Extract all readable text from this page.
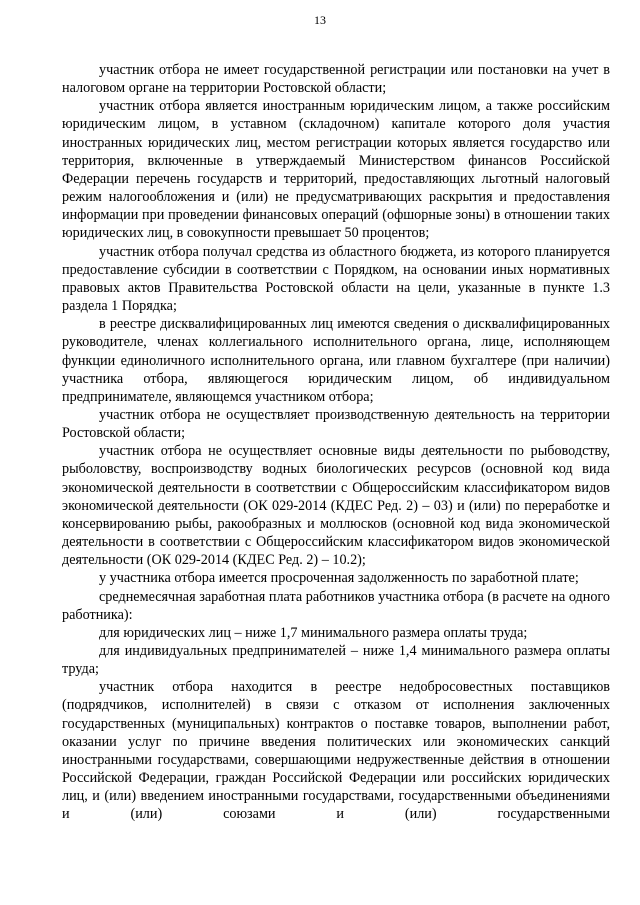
13

участник отбора не имеет государственной регистрации или постановки на учет в налоговом органе на территории Ростовской области;

участник отбора является иностранным юридическим лицом, а также российским юридическим лицом, в уставном (складочном) капитале которого доля участия иностранных юридических лиц, местом регистрации которых является государство или территория, включенные в утверждаемый Министерством финансов Российской Федерации перечень государств и территорий, предоставляющих льготный налоговый режим налогообложения и (или) не предусматривающих раскрытия и предоставления информации при проведении финансовых операций (офшорные зоны) в отношении таких юридических лиц, в совокупности превышает 50 процентов;

участник отбора получал средства из областного бюджета, из которого планируется предоставление субсидии в соответствии с Порядком, на основании иных нормативных правовых актов Правительства Ростовской области на цели, указанные в пункте 1.3 раздела 1 Порядка;

в реестре дисквалифицированных лиц имеются сведения о дисквалифицированных руководителе, членах коллегиального исполнительного органа, лице, исполняющем функции единоличного исполнительного органа, или главном бухгалтере (при наличии) участника отбора, являющегося юридическим лицом, об индивидуальном предпринимателе, являющемся участником отбора;

участник отбора не осуществляет производственную деятельность на территории Ростовской области;

участник отбора не осуществляет основные виды деятельности по рыбоводству, рыболовству, воспроизводству водных биологических ресурсов (основной код вида экономической деятельности в соответствии с Общероссийским классификатором видов экономической деятельности (ОК 029-2014 (КДЕС Ред. 2) – 03) и (или) по переработке и консервированию рыбы, ракообразных и моллюсков (основной код вида экономической деятельности в соответствии с Общероссийским классификатором видов экономической деятельности (ОК 029-2014 (КДЕС Ред. 2) – 10.2);

у участника отбора имеется просроченная задолженность по заработной плате;

среднемесячная заработная плата работников участника отбора (в расчете на одного работника):

для юридических лиц – ниже 1,7 минимального размера оплаты труда;

для индивидуальных предпринимателей – ниже 1,4 минимального размера оплаты труда;

участник отбора находится в реестре недобросовестных поставщиков (подрядчиков, исполнителей) в связи с отказом от исполнения заключенных государственных (муниципальных) контрактов о поставке товаров, выполнении работ, оказании услуг по причине введения политических или экономических санкций иностранными государствами, совершающими недружественные действия в отношении Российской Федерации, граждан Российской Федерации или российских юридических лиц, и (или) введением иностранными государствами, государственными объединениями и (или) союзами и (или) государственными
